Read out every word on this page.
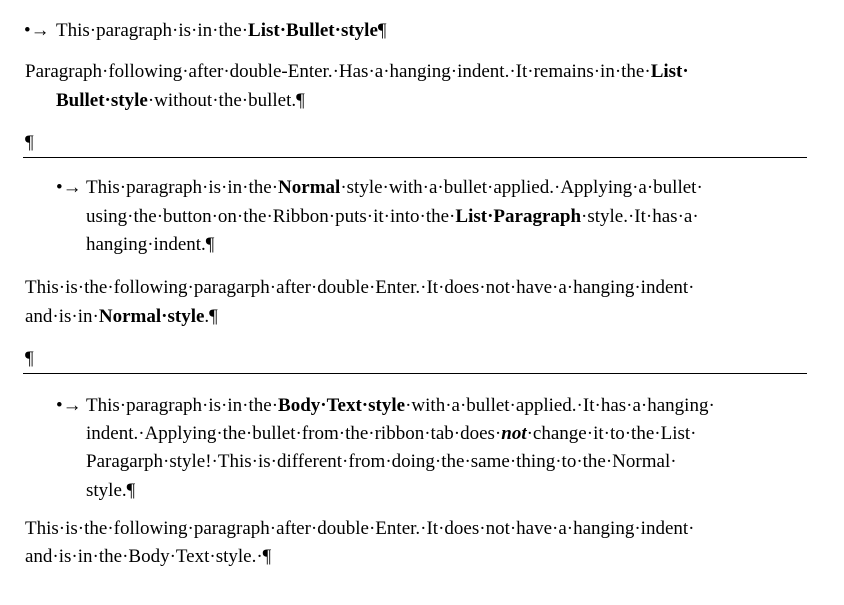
•→ This·paragraph·is·in·the·List·Bullet·style¶
Paragraph·following·after·double-Enter.·Has·a·hanging·indent.·It·remains·in·the·List·
Bullet·style·without·the·bullet.¶
¶
•→ This·paragraph·is·in·the·Normal·style·with·a·bullet·applied.·Applying·a·bullet·
using·the·button·on·the·Ribbon·puts·it·into·the·List·Paragraph·style.·It·has·a·
hanging·indent.¶
This·is·the·following·paragarph·after·double·Enter.·It·does·not·have·a·hanging·indent·
and·is·in·Normal·style.¶
¶
•→ This·paragraph·is·in·the·Body·Text·style·with·a·bullet·applied.·It·has·a·hanging·
indent.·Applying·the·bullet·from·the·ribbon·tab·does·not·change·it·to·the·List·
Paragarph·style!·This·is·different·from·doing·the·same·thing·to·the·Normal·
style.¶
This·is·the·following·paragraph·after·double·Enter.·It·does·not·have·a·hanging·indent·
and·is·in·the·Body·Text·style.·¶
